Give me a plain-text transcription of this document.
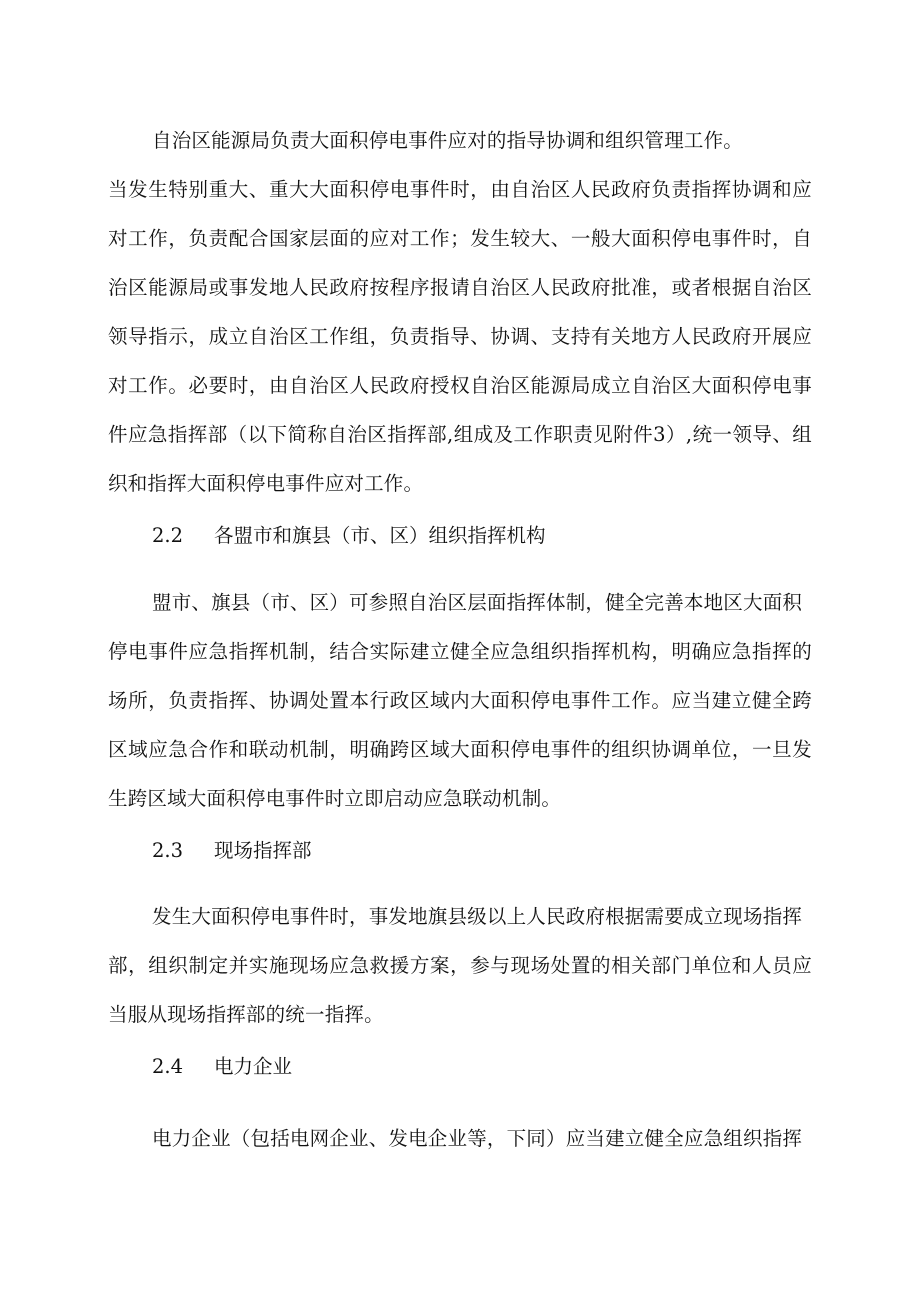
自治区能源局负责大面积停电事件应对的指导协调和组织管理工作。
当发生特别重大、重大大面积停电事件时，由自治区人民政府负责指挥协调和应
对工作，负责配合国家层面的应对工作；发生较大、一般大面积停电事件时，自
治区能源局或事发地人民政府按程序报请自治区人民政府批准，或者根据自治区
领导指示，成立自治区工作组，负责指导、协调、支持有关地方人民政府开展应
对工作。必要时，由自治区人民政府授权自治区能源局成立自治区大面积停电事
件应急指挥部（以下简称自治区指挥部,组成及工作职责见附件3）,统一领导、组
织和指挥大面积停电事件应对工作。
2.2 各盟市和旗县（市、区）组织指挥机构
盟市、旗县（市、区）可参照自治区层面指挥体制，健全完善本地区大面积
停电事件应急指挥机制，结合实际建立健全应急组织指挥机构，明确应急指挥的
场所，负责指挥、协调处置本行政区域内大面积停电事件工作。应当建立健全跨
区域应急合作和联动机制，明确跨区域大面积停电事件的组织协调单位，一旦发
生跨区域大面积停电事件时立即启动应急联动机制。
2.3 现场指挥部
发生大面积停电事件时，事发地旗县级以上人民政府根据需要成立现场指挥
部，组织制定并实施现场应急救援方案，参与现场处置的相关部门单位和人员应
当服从现场指挥部的统一指挥。
2.4 电力企业
电力企业（包括电网企业、发电企业等，下同）应当建立健全应急组织指挥
